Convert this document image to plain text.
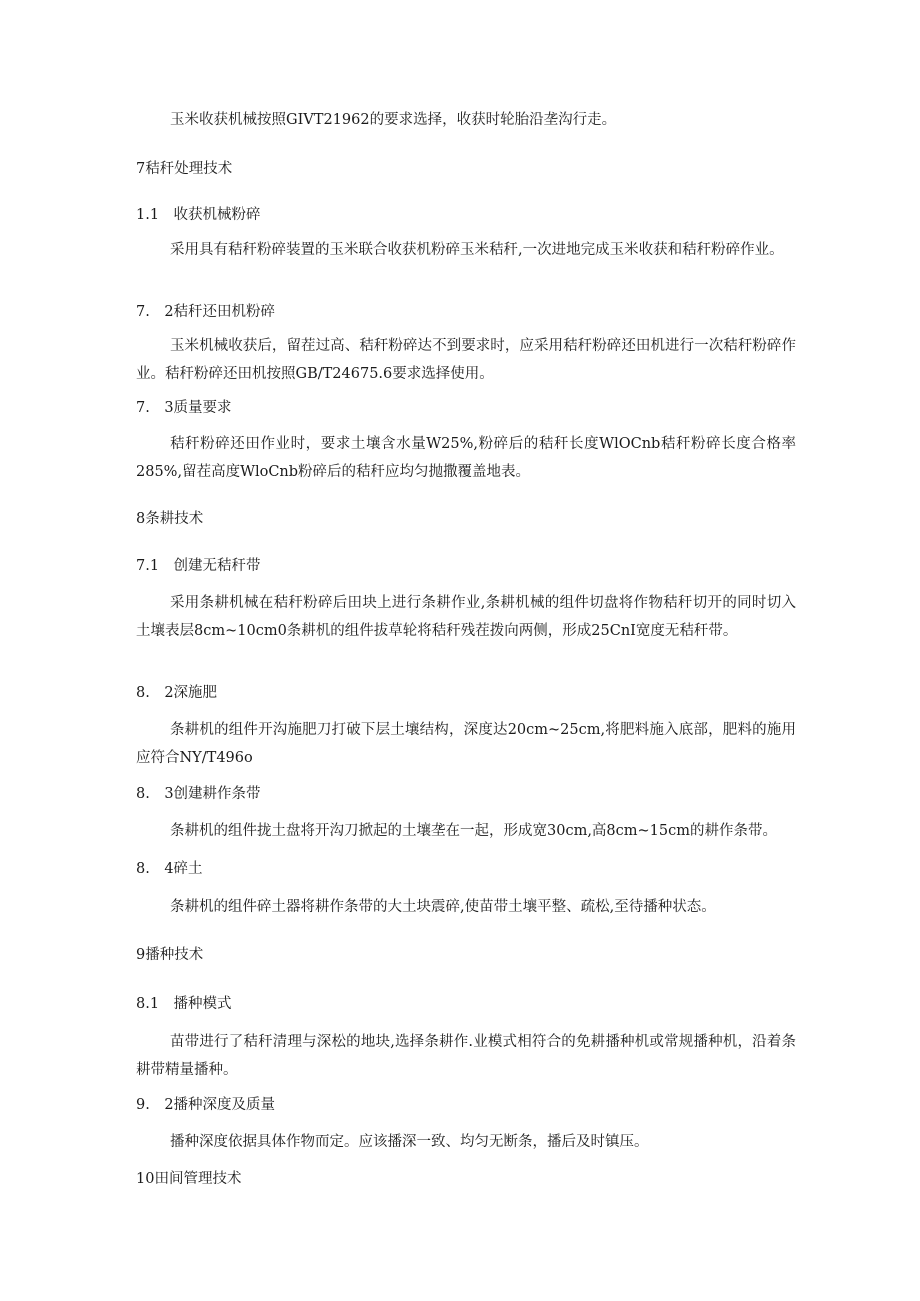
玉米收获机械按照GIVT21962的要求选择，收获时轮胎沿垄沟行走。
7秸秆处理技术
1.1　收获机械粉碎
采用具有秸秆粉碎装置的玉米联合收获机粉碎玉米秸秆,一次进地完成玉米收获和秸秆粉碎作业。
7.　2秸秆还田机粉碎
玉米机械收获后，留茬过高、秸秆粉碎达不到要求时，应采用秸秆粉碎还田机进行一次秸秆粉碎作业。秸秆粉碎还田机按照GB/T24675.6要求选择使用。
7.　3质量要求
秸秆粉碎还田作业时，要求土壤含水量W25%,粉碎后的秸秆长度WlOCnb秸秆粉碎长度合格率285%,留茬高度WloCnb粉碎后的秸秆应均匀抛撒覆盖地表。
8条耕技术
7.1　创建无秸秆带
采用条耕机械在秸秆粉碎后田块上进行条耕作业,条耕机械的组件切盘将作物秸秆切开的同时切入土壤表层8cm~10cm0条耕机的组件拔草轮将秸秆残茬拨向两侧，形成25CnI宽度无秸秆带。
8.　2深施肥
条耕机的组件开沟施肥刀打破下层土壤结构，深度达20cm~25cm,将肥料施入底部，肥料的施用应符合NY/T496o
8.　3创建耕作条带
条耕机的组件拢土盘将开沟刀掀起的土壤垄在一起，形成宽30cm,高8cm~15cm的耕作条带。
8.　4碎土
条耕机的组件碎土器将耕作条带的大土块震碎,使苗带土壤平整、疏松,至待播种状态。
9播种技术
8.1　播种模式
苗带进行了秸秆清理与深松的地块,选择条耕作.业模式相符合的免耕播种机或常规播种机，沿着条耕带精量播种。
9.　2播种深度及质量
播种深度依据具体作物而定。应该播深一致、均匀无断条，播后及时镇压。
10田间管理技术
